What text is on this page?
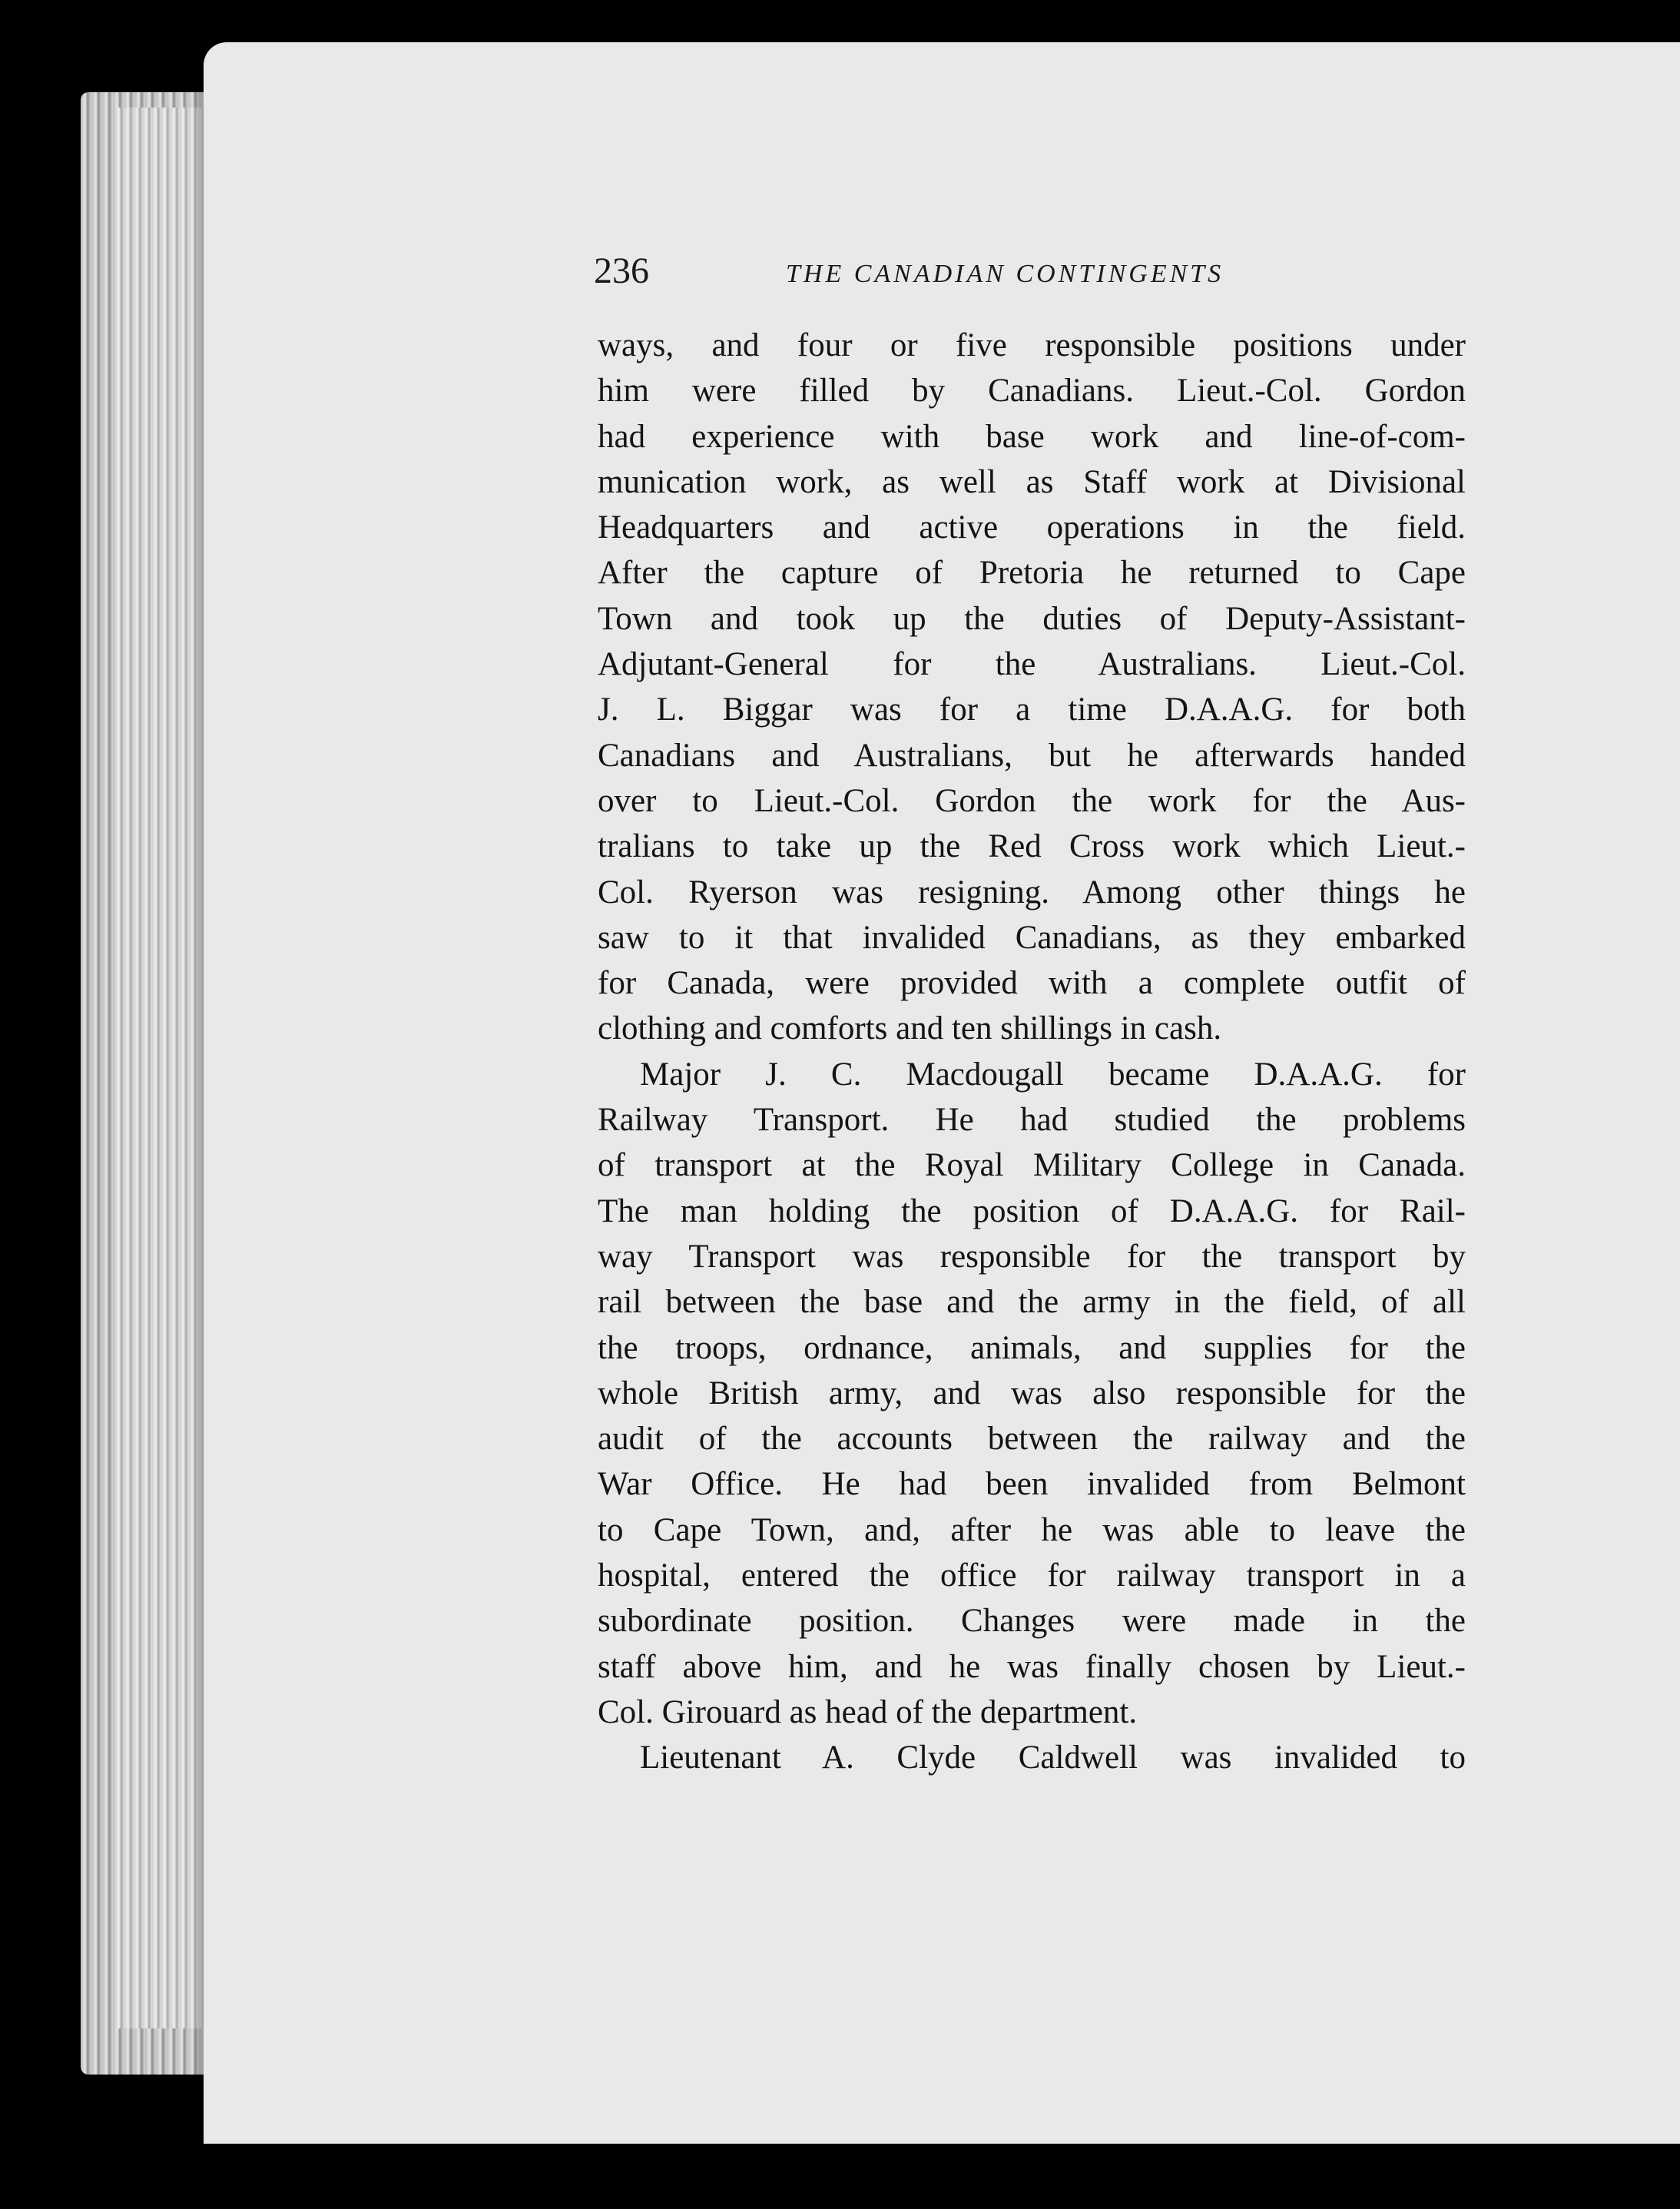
236	THE CANADIAN CONTINGENTS
ways, and four or five responsible positions under
him were filled by Canadians. Lieut.-Col. Gordon
had experience with base work and line-of-com-
munication work, as well as Staff work at Divisional
Headquarters and active operations in the field.
After the capture of Pretoria he returned to Cape
Town and took up the duties of Deputy-Assistant-
Adjutant-General for the Australians. Lieut.-Col.
J. L. Biggar was for a time D.A.A.G. for both
Canadians and Australians, but he afterwards handed
over to Lieut.-Col. Gordon the work for the Aus-
tralians to take up the Red Cross work which Lieut.-
Col. Ryerson was resigning. Among other things he
saw to it that invalided Canadians, as they embarked
for Canada, were provided with a complete outfit of
clothing and comforts and ten shillings in cash.
Major J. C. Macdougall became D.A.A.G. for
Railway Transport. He had studied the problems
of transport at the Royal Military College in Canada.
The man holding the position of D.A.A.G. for Rail-
way Transport was responsible for the transport by
rail between the base and the army in the field, of all
the troops, ordnance, animals, and supplies for the
whole British army, and was also responsible for the
audit of the accounts between the railway and the
War Office. He had been invalided from Belmont
to Cape Town, and, after he was able to leave the
hospital, entered the office for railway transport in a
subordinate position. Changes were made in the
staff above him, and he was finally chosen by Lieut.-
Col. Girouard as head of the department.
Lieutenant A. Clyde Caldwell was invalided to
